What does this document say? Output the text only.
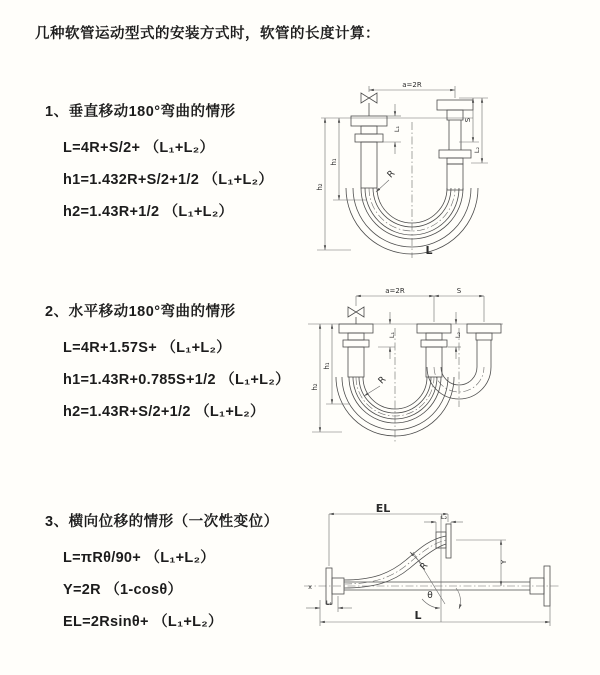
几种软管运动型式的安装方式时，软管的长度计算：
1、垂直移动180°弯曲的情形
L=4R+S/2+ （L₁+L₂）
h1=1.432R+S/2+1/2 （L₁+L₂）
h2=1.43R+1/2 （L₁+L₂）
2、水平移动180°弯曲的情形
L=4R+1.57S+ （L₁+L₂）
h1=1.43R+0.785S+1/2 （L₁+L₂）
h2=1.43R+S/2+1/2 （L₁+L₂）
3、横向位移的情形（一次性变位）
L=πRθ/90+ （L₁+L₂）
Y=2R （1-cosθ）
EL=2Rsinθ+ （L₁+L₂）
a=2R
h₁
h₂
L₁
S
L₂
R
L
a=2R	S
h₁
h₂
L₁	L₂
R
x
EL
L₂
θ
R	Y
L
L₁
